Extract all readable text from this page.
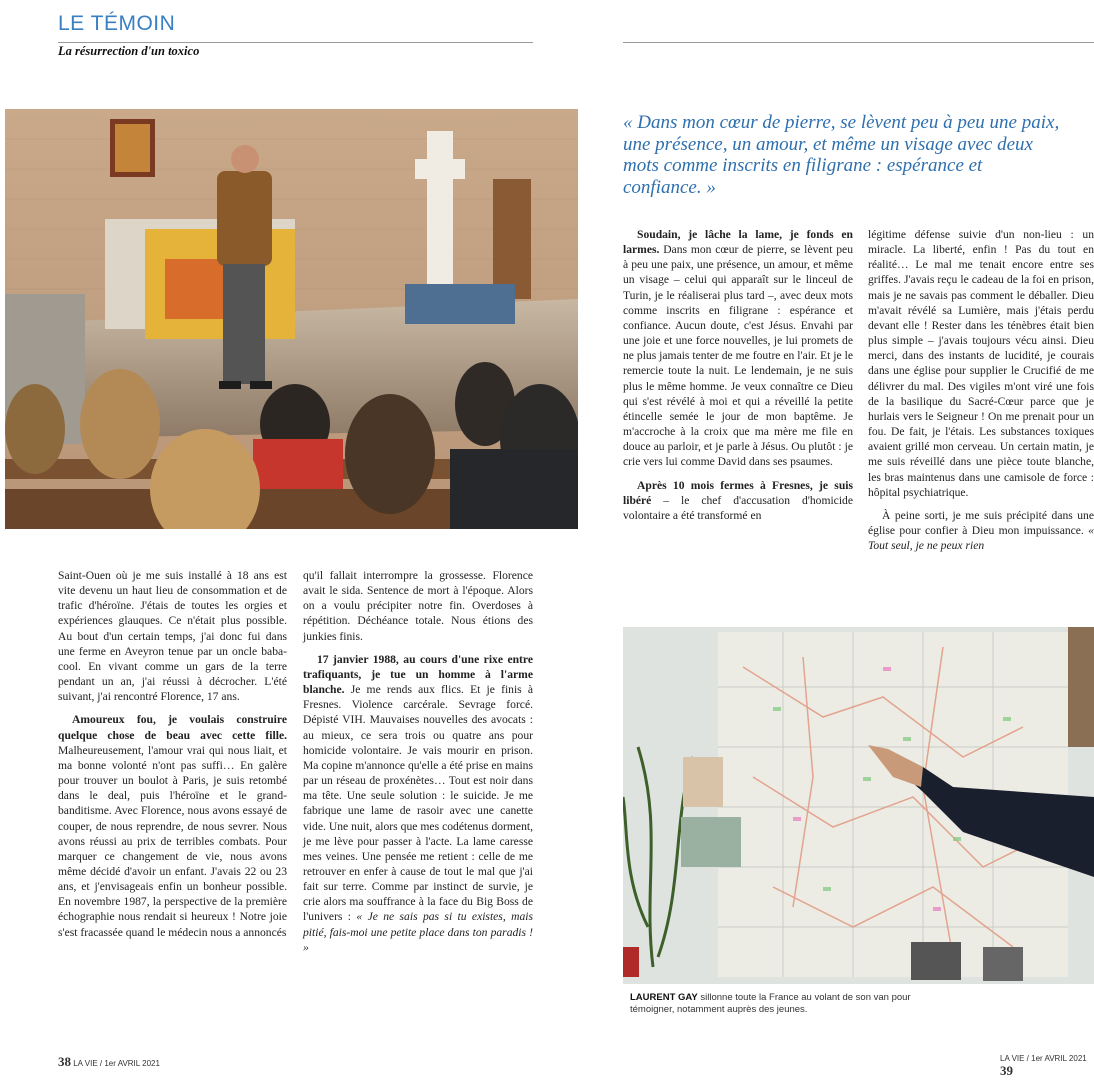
LE TÉMOIN
La résurrection d'un toxico

Saint-Ouen où je me suis installé à 18 ans est vite devenu un haut lieu de consommation et de trafic d'héroïne. J'étais de toutes les orgies et expériences glauques. Ce n'était plus possible. Au bout d'un certain temps, j'ai donc fui dans une ferme en Aveyron tenue par un oncle baba-cool. En vivant comme un gars de la terre pendant un an, j'ai réussi à décrocher. L'été suivant, j'ai rencontré Florence, 17 ans.

Amoureux fou, je voulais construire quelque chose de beau avec cette fille. Malheureusement, l'amour vrai qui nous liait, et ma bonne volonté n'ont pas suffi… En galère pour trouver un boulot à Paris, je suis retombé dans le deal, puis l'héroïne et le grand-banditisme. Avec Florence, nous avons essayé de couper, de nous reprendre, de nous sevrer. Nous avons réussi au prix de terribles combats. Pour marquer ce changement de vie, nous avons même décidé d'avoir un enfant. J'avais 22 ou 23 ans, et j'envisageais enfin un bonheur possible. En novembre 1987, la perspective de la première échographie nous rendait si heureux ! Notre joie s'est fracassée quand le médecin nous a annoncés

qu'il fallait interrompre la grossesse. Florence avait le sida. Sentence de mort à l'époque. Alors on a voulu précipiter notre fin. Overdoses à répétition. Déchéance totale. Nous étions des junkies finis.

17 janvier 1988, au cours d'une rixe entre trafiquants, je tue un homme à l'arme blanche. Je me rends aux flics. Et je finis à Fresnes. Violence carcérale. Sevrage forcé. Dépisté VIH. Mauvaises nouvelles des avocats : au mieux, ce sera trois ou quatre ans pour homicide volontaire. Je vais mourir en prison. Ma copine m'annonce qu'elle a été prise en mains par un réseau de proxénètes… Tout est noir dans ma tête. Une seule solution : le suicide. Je me fabrique une lame de rasoir avec une canette vide. Une nuit, alors que mes codétenus dorment, je me lève pour passer à l'acte. La lame caresse mes veines. Une pensée me retient : celle de me retrouver en enfer à cause de tout le mal que j'ai fait sur terre. Comme par instinct de survie, je crie alors ma souffrance à la face du Big Boss de l'univers : « Je ne sais pas si tu existes, mais pitié, fais-moi une petite place dans ton paradis ! »

« Dans mon cœur de pierre, se lèvent peu à peu une paix, une présence, un amour, et même un visage avec deux mots comme inscrits en filigrane : espérance et confiance. »

Soudain, je lâche la lame, je fonds en larmes. Dans mon cœur de pierre, se lèvent peu à peu une paix, une présence, un amour, et même un visage – celui qui apparaît sur le linceul de Turin, je le réaliserai plus tard –, avec deux mots comme inscrits en filigrane : espérance et confiance. Aucun doute, c'est Jésus. Envahi par une joie et une force nouvelles, je lui promets de ne plus jamais tenter de me foutre en l'air. Et je le remercie toute la nuit. Le lendemain, je ne suis plus le même homme. Je veux connaître ce Dieu qui s'est révélé à moi et qui a réveillé la petite étincelle semée le jour de mon baptême. Je m'accroche à la croix que ma mère me file en douce au parloir, et je parle à Jésus. Ou plutôt : je crie vers lui comme David dans ses psaumes.

Après 10 mois fermes à Fresnes, je suis libéré – le chef d'accusation d'homicide volontaire a été transformé en

légitime défense suivie d'un non-lieu : un miracle. La liberté, enfin ! Pas du tout en réalité… Le mal me tenait encore entre ses griffes. J'avais reçu le cadeau de la foi en prison, mais je ne savais pas comment le déballer. Dieu m'avait révélé sa Lumière, mais j'étais perdu devant elle ! Rester dans les ténèbres était bien plus simple – j'avais toujours vécu ainsi. Dieu merci, dans des instants de lucidité, je courais dans une église pour supplier le Crucifié de me délivrer du mal. Des vigiles m'ont viré une fois de la basilique du Sacré-Cœur parce que je hurlais vers le Seigneur ! On me prenait pour un fou. De fait, je l'étais. Les substances toxiques avaient grillé mon cerveau. Un certain matin, je me suis réveillé dans une pièce toute blanche, les bras maintenus dans une camisole de force : hôpital psychiatrique.

À peine sorti, je me suis précipité dans une église pour confier à Dieu mon impuissance. « Tout seul, je ne peux rien

LAURENT GAY sillonne toute la France au volant de son van pour témoigner, notamment auprès des jeunes.
38 LA VIE / 1er AVRIL 2021
LA VIE / 1er AVRIL 2021 39
